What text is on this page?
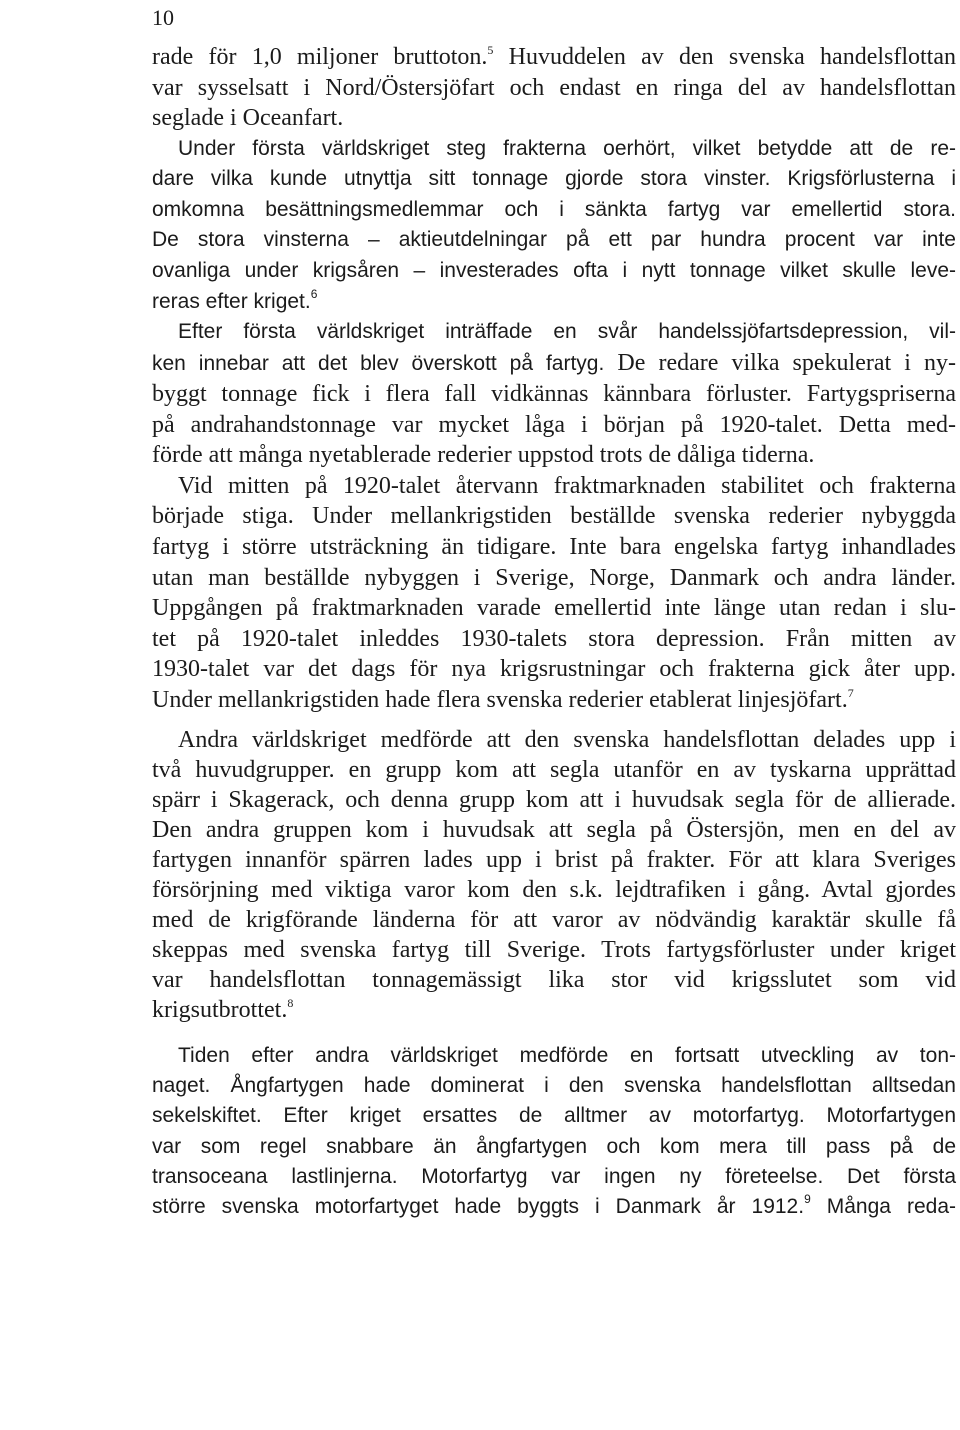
10
rade för 1,0 miljoner bruttoton.$^5$ Huvuddelen av den svenska handelsflottan
var sysselsatt i Nord/Östersjöfart och endast en ringa del av handelsflottan
seglade i Oceanfart.
Under första världskriget steg frakterna oerhört, vilket betydde att de re-
dare vilka kunde utnyttja sitt tonnage gjorde stora vinster. Krigsförlusterna i
omkomna besättningsmedlemmar och i sänkta fartyg var emellertid stora.
De stora vinsterna – aktieutdelningar på ett par hundra procent var inte
ovanliga under krigsåren – investerades ofta i nytt tonnage vilket skulle leve-
reras efter kriget.$^6$
Efter första världskriget inträffade en svår handelssjöfartsdepression, vil-
ken innebar att det blev överskott på fartyg. De redare vilka spekulerat i ny-
byggt tonnage fick i flera fall vidkännas kännbara förluster. Fartygspriserna
på andrahandstonnage var mycket låga i början på 1920-talet. Detta med-
förde att många nyetablerade rederier uppstod trots de dåliga tiderna.
Vid mitten på 1920-talet återvann fraktmarknaden stabilitet och frakterna
började stiga. Under mellankrigstiden beställde svenska rederier nybyggda
fartyg i större utsträckning än tidigare. Inte bara engelska fartyg inhandlades
utan man beställde nybyggen i Sverige, Norge, Danmark och andra länder.
Uppgången på fraktmarknaden varade emellertid inte länge utan redan i slu-
tet på 1920-talet inleddes 1930-talets stora depression. Från mitten av
1930-talet var det dags för nya krigsrustningar och frakterna gick åter upp.
Under mellankrigstiden hade flera svenska rederier etablerat linjesjöfart.$^7$
Andra världskriget medförde att den svenska handelsflottan delades upp i
två huvudgrupper. en grupp kom att segla utanför en av tyskarna upprättad
spärr i Skagerack, och denna grupp kom att i huvudsak segla för de allierade.
Den andra gruppen kom i huvudsak att segla på Östersjön, men en del av
fartygen innanför spärren lades upp i brist på frakter. För att klara Sveriges
försörjning med viktiga varor kom den s.k. lejdtrafiken i gång. Avtal gjordes
med de krigförande länderna för att varor av nödvändig karaktär skulle få
skeppas med svenska fartyg till Sverige. Trots fartygsförluster under kriget
var handelsflottan tonnagemässigt lika stor vid krigsslutet som vid
krigsutbrottet.$^8$
Tiden efter andra världskriget medförde en fortsatt utveckling av ton-
naget. Ångfartygen hade dominerat i den svenska handelsflottan alltsedan
sekelskiftet. Efter kriget ersattes de alltmer av motorfartyg. Motorfartygen
var som regel snabbare än ångfartygen och kom mera till pass på de
transoceana lastlinjerna. Motorfartyg var ingen ny företeelse. Det första
större svenska motorfartyget hade byggts i Danmark år 1912.$^9$ Många reda-
